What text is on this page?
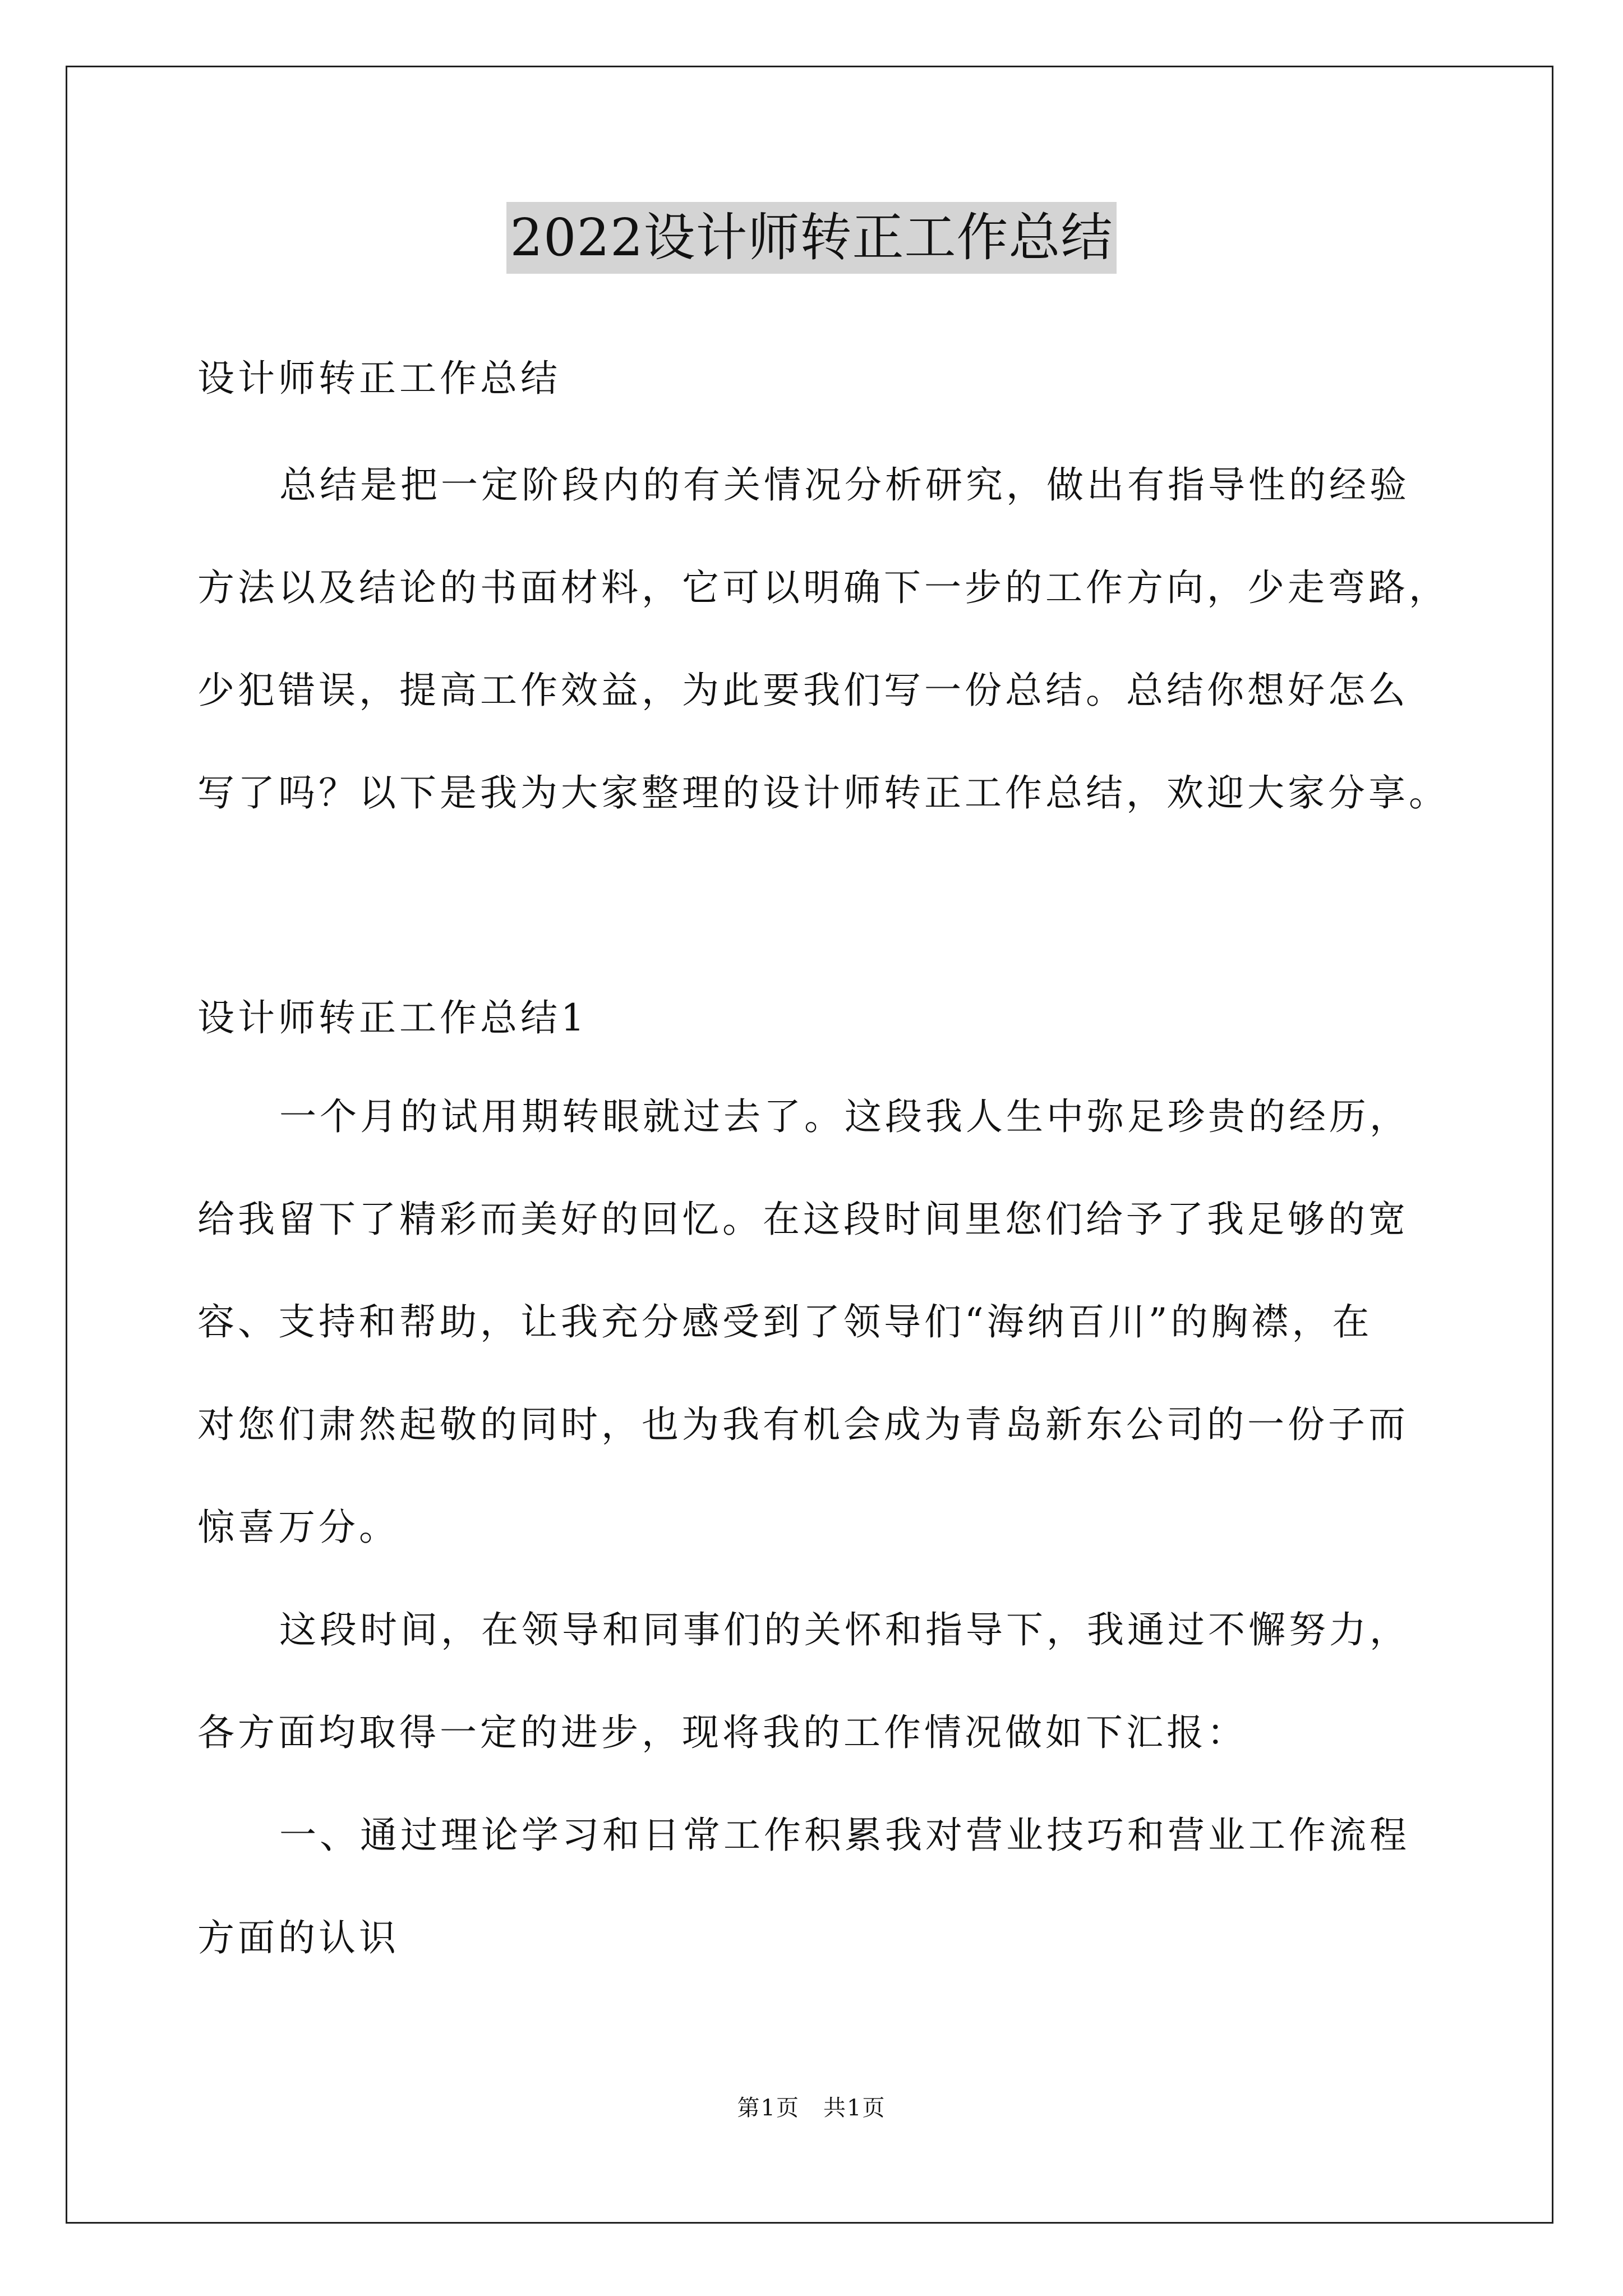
2022设计师转正工作总结
设计师转正工作总结
总结是把一定阶段内的有关情况分析研究，做出有指导性的经验
方法以及结论的书面材料，它可以明确下一步的工作方向，少走弯路，
少犯错误，提高工作效益，为此要我们写一份总结。总结你想好怎么
写了吗？以下是我为大家整理的设计师转正工作总结，欢迎大家分享。
设计师转正工作总结1
一个月的试用期转眼就过去了。这段我人生中弥足珍贵的经历，
给我留下了精彩而美好的回忆。在这段时间里您们给予了我足够的宽
容、支持和帮助，让我充分感受到了领导们“海纳百川”的胸襟，在
对您们肃然起敬的同时，也为我有机会成为青岛新东公司的一份子而
惊喜万分。
这段时间，在领导和同事们的关怀和指导下，我通过不懈努力，
各方面均取得一定的进步，现将我的工作情况做如下汇报：
一、通过理论学习和日常工作积累我对营业技巧和营业工作流程
方面的认识
第1页　共1页
